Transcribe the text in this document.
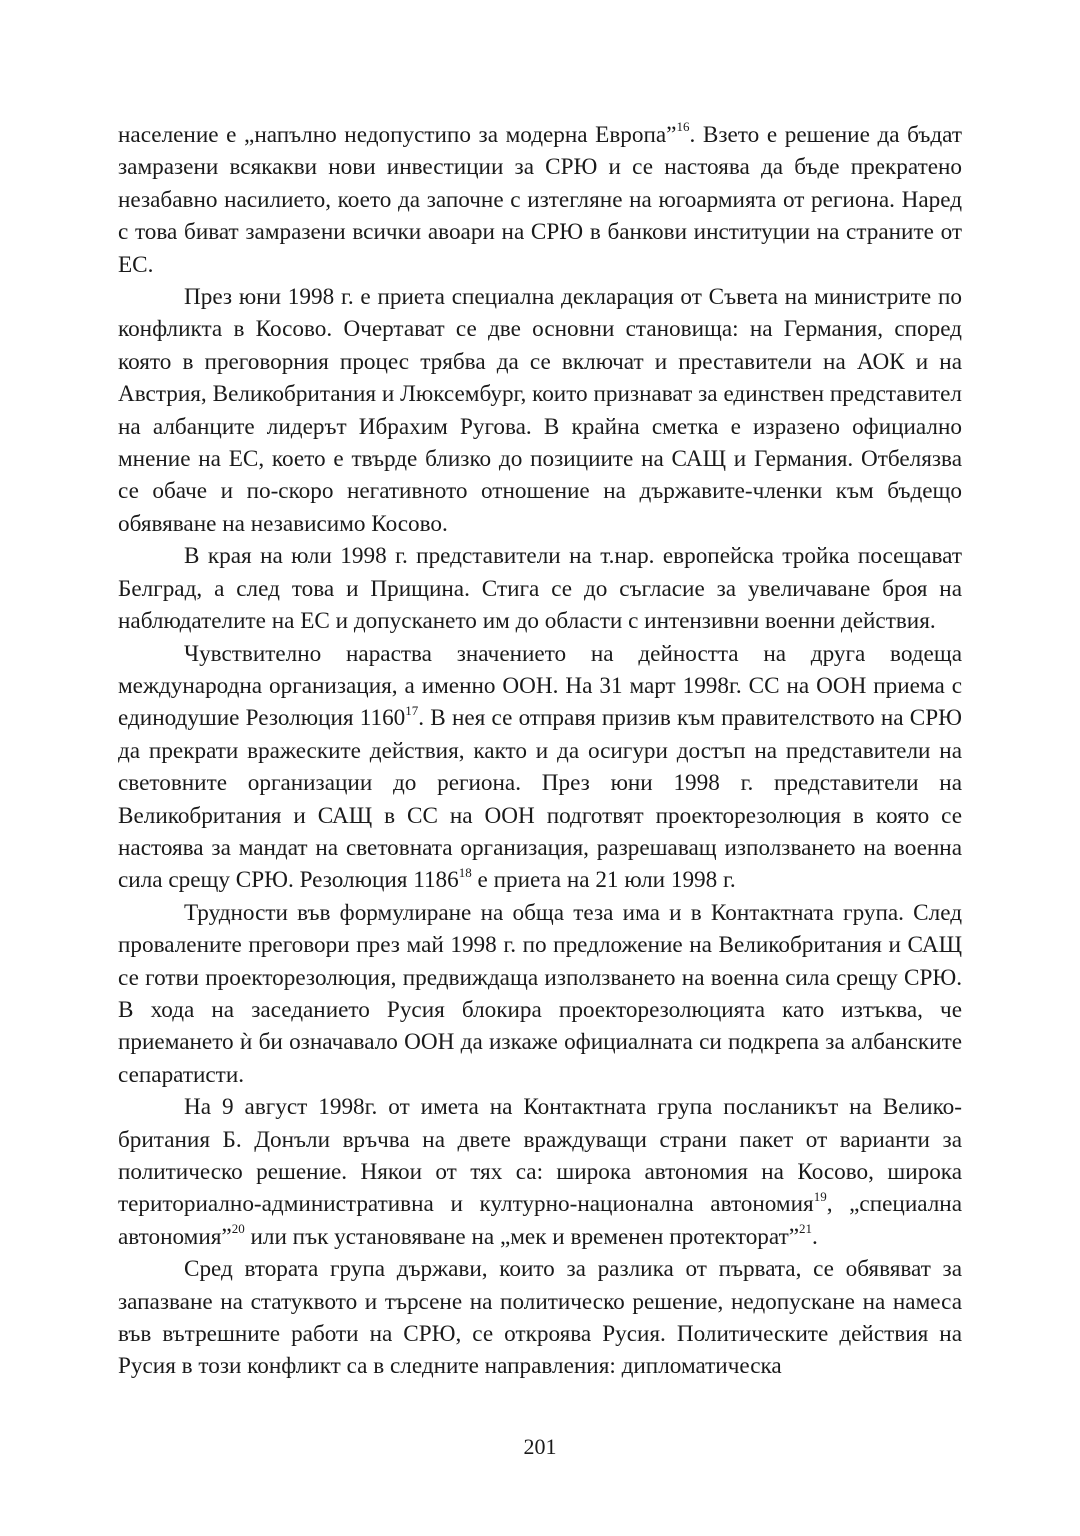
население е „напълно недопустипо за модерна Европа”$^{16}$. Взето е решение да бъдат замразени всякакви нови инвестиции за СРЮ и се настоява да бъде прекратено незабавно насилието, което да започне с изтегляне на югоармията от региона. Наред с това биват замразени всички авоари на СРЮ в банкови институции на страните от ЕС.

През юни 1998 г. е приета специална декларация от Съвета на министрите по конфликта в Косово. Очертават се две основни становища: на Германия, според която в преговорния процес трябва да се включат и преставители на АОК и на Австрия, Великобритания и Люксембург, които признават за единствен представител на албанците лидерът Ибрахим Ругова. В крайна сметка е изразено официално мнение на ЕС, което е твърде близко до позициите на САЩ и Германия. Отбелязва се обаче и по-скоро негативното отношение на държавите-членки към бъдещо обявяване на независимо Косово.

В края на юли 1998 г. представители на т.нар. европейска тройка посещават Белград, а след това и Прищина. Стига се до съгласие за увеличаване броя на наблюдателите на ЕС и допускането им до области с интензивни военни действия.

Чувствително нараства значението на дейността на друга водеща международна организация, а именно ООН. На 31 март 1998г. СС на ООН приема с единодушие Резолюция 1160$^{17}$. В нея се отправя призив към правителството на СРЮ да прекрати вражеските действия, както и да осигури достъп на представители на световните организации до региона. През юни 1998 г. представители на Великобритания и САЩ в СС на ООН подготвят проекторезолюция в която се настоява за мандат на световната организация, разрешаващ използването на военна сила срещу СРЮ. Резолюция 1186$^{18}$ е приета на 21 юли 1998 г.

Трудности във формулиране на обща теза има и в Контактната група. След провалените преговори през май 1998 г. по предложение на Великобритания и САЩ се готви проекторезолюция, предвиждаща използването на военна сила срещу СРЮ. В хода на заседанието Русия блокира проекторезолюцията като изтъква, че приемането ѝ би означавало ООН да изкаже официалната си подкрепа за албанските сепаратисти.

На 9 август 1998г. от имета на Контактната група посланикът на Великобритания Б. Донъли връчва на двете враждуващи страни пакет от варианти за политическо решение. Някои от тях са: широка автономия на Косово, широка териториално-административна и културно-национална автономия$^{19}$, „специална автономия”$^{20}$ или пък установяване на „мек и временен протекторат”$^{21}$.

Сред втората група държави, които за разлика от първата, се обявяват за запазване на статуквото и търсене на политическо решение, недопускане на намеса във вътрешните работи на СРЮ, се откроява Русия. Политическите действия на Русия в този конфликт са в следните направления: дипломатическа

201
